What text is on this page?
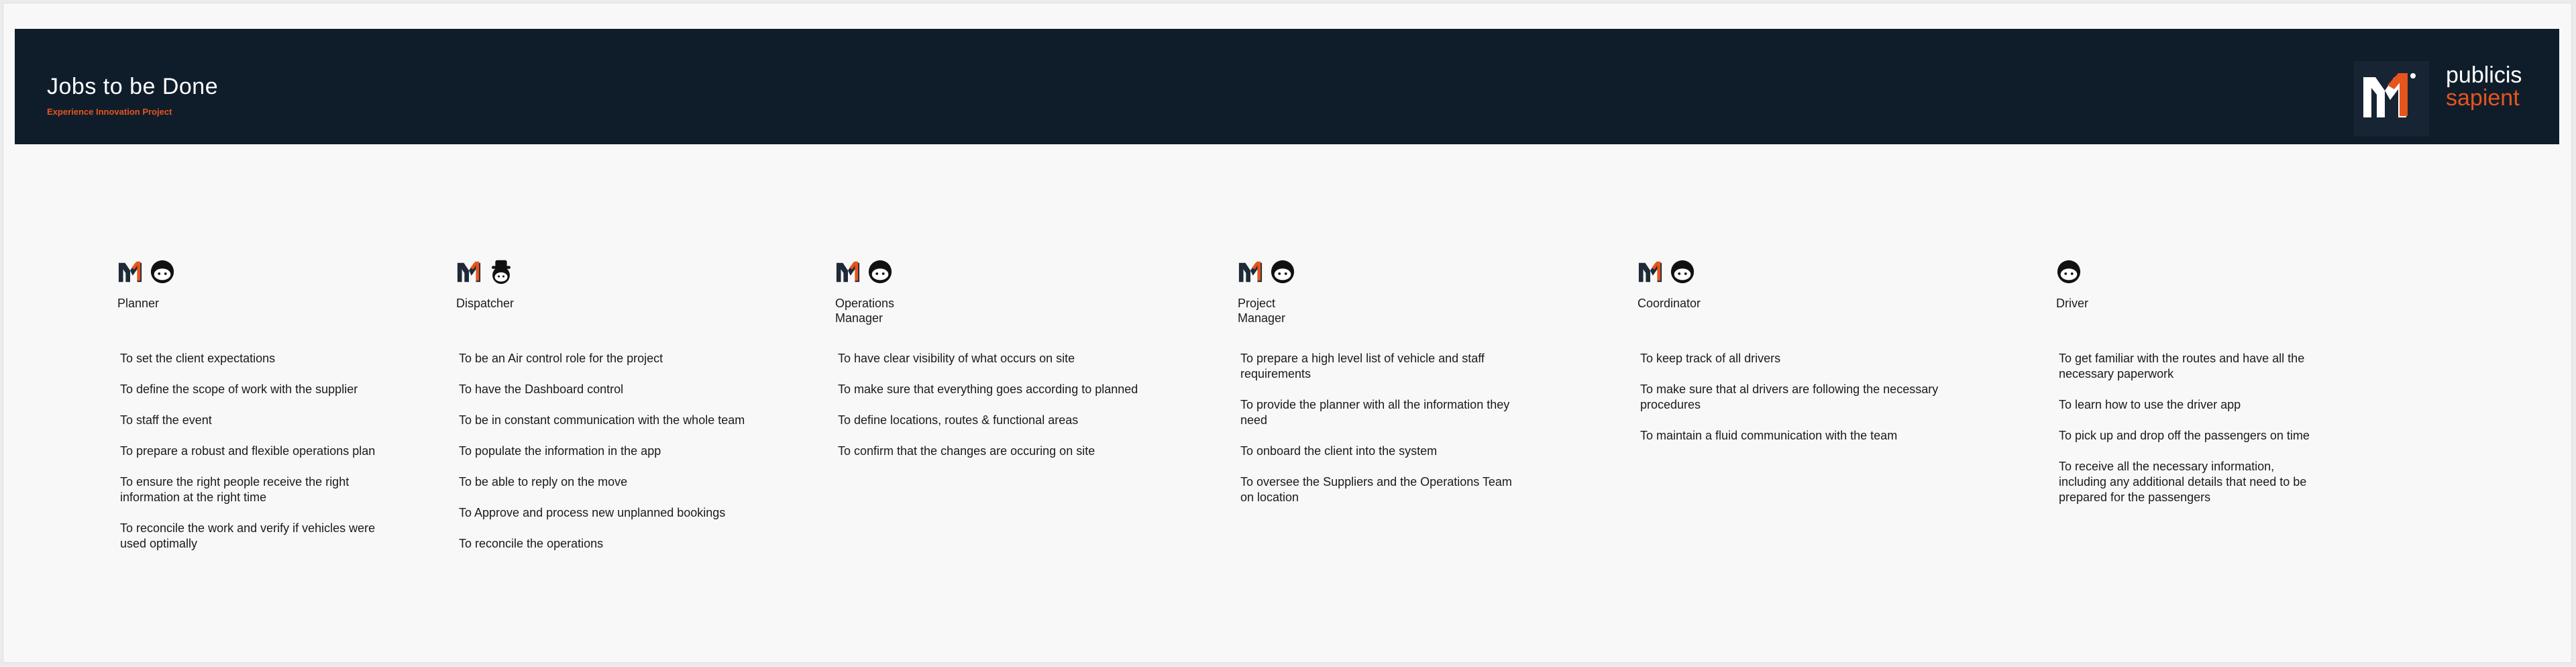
Jobs to be Done
Experience Innovation Project
publicis
sapient
Planner
To set the client expectations
To define the scope of work with the supplier
To staff the event
To prepare a robust and flexible operations plan
To ensure the right people receive the right
information at the right time
To reconcile the work and verify if vehicles were
used optimally
Dispatcher
To be an Air control role for the project
To have the Dashboard control
To be in constant communication with the whole team
To populate the information in the app
To be able to reply on the move
To Approve and process new unplanned bookings
To reconcile the operations
Operations
Manager
To have clear visibility of what occurs on site
To make sure that everything goes according to planned
To define locations, routes & functional areas
To confirm that the changes are occuring on site
Project
Manager
To prepare a high level list of vehicle and staff
requirements
To provide the planner with all the information they
need
To onboard the client into the system
To oversee the Suppliers and the Operations Team
on location
Coordinator
To keep track of all drivers
To make sure that al drivers are following the necessary
procedures
To maintain a fluid communication with the team
Driver
To get familiar with the routes and have all the
necessary paperwork
To learn how to use the driver app
To pick up and drop off the passengers on time
To receive all the necessary information,
including any additional details that need to be
prepared for the passengers
